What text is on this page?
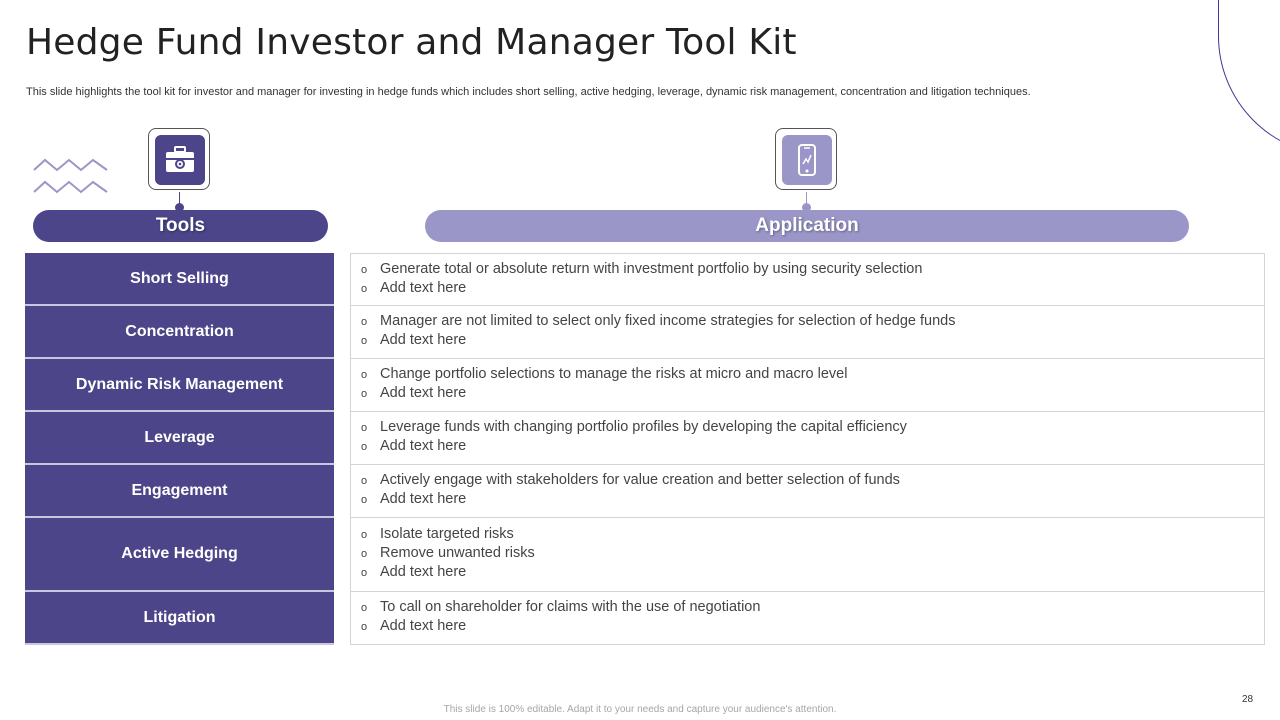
Hedge Fund Investor and Manager Tool Kit

This slide highlights the tool kit for investor and manager for investing in hedge funds which includes short selling, active hedging, leverage, dynamic risk management, concentration and litigation techniques.

Tools	Application
Short Selling	o Generate total or absolute return with investment portfolio by using security selection
o Add text here
Concentration
o Manager are not limited to select only fixed income strategies for selection of hedge funds
o Add text here
Dynamic Risk Management
o Change portfolio selections to manage the risks at micro and macro level
o Add text here
Leverage
o Leverage funds with changing portfolio profiles by developing the capital efficiency
o Add text here
Engagement
o Actively engage with stakeholders for value creation and better selection of funds
o Add text here
Active Hedging
o Isolate targeted risks
o Remove unwanted risks
o Add text here
Litigation
o To call on shareholder for claims with the use of negotiation
o Add text here
This slide is 100% editable. Adapt it to your needs and capture your audience's attention.
28
